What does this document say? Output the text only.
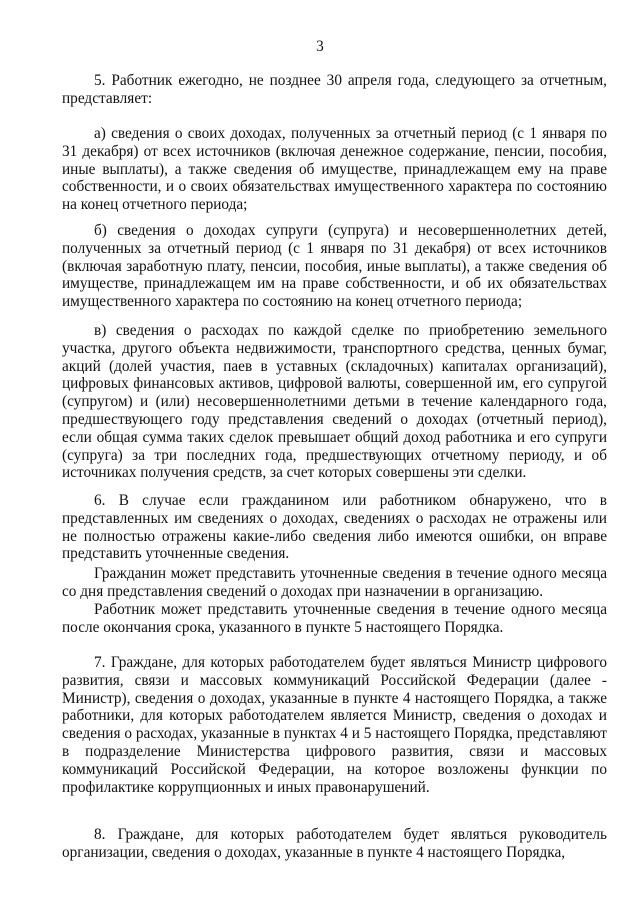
3

5. Работник ежегодно, не позднее 30 апреля года, следующего за отчетным, представляет:

а) сведения о своих доходах, полученных за отчетный период (с 1 января по 31 декабря) от всех источников (включая денежное содержание, пенсии, пособия, иные выплаты), а также сведения об имуществе, принадлежащем ему на праве собственности, и о своих обязательствах имущественного характера по состоянию на конец отчетного периода;

б) сведения о доходах супруги (супруга) и несовершеннолетних детей, полученных за отчетный период (с 1 января по 31 декабря) от всех источников (включая заработную плату, пенсии, пособия, иные выплаты), а также сведения об имуществе, принадлежащем им на праве собственности, и об их обязательствах имущественного характера по состоянию на конец отчетного периода;

в) сведения о расходах по каждой сделке по приобретению земельного участка, другого объекта недвижимости, транспортного средства, ценных бумаг, акций (долей участия, паев в уставных (складочных) капиталах организаций), цифровых финансовых активов, цифровой валюты, совершенной им, его супругой (супругом) и (или) несовершеннолетними детьми в течение календарного года, предшествующего году представления сведений о доходах (отчетный период), если общая сумма таких сделок превышает общий доход работника и его супруги (супруга) за три последних года, предшествующих отчетному периоду, и об источниках получения средств, за счет которых совершены эти сделки.

6. В случае если гражданином или работником обнаружено, что в представленных им сведениях о доходах, сведениях о расходах не отражены или не полностью отражены какие-либо сведения либо имеются ошибки, он вправе представить уточненные сведения.

Гражданин может представить уточненные сведения в течение одного месяца со дня представления сведений о доходах при назначении в организацию.

Работник может представить уточненные сведения в течение одного месяца после окончания срока, указанного в пункте 5 настоящего Порядка.

7. Граждане, для которых работодателем будет являться Министр цифрового развития, связи и массовых коммуникаций Российской Федерации (далее - Министр), сведения о доходах, указанные в пункте 4 настоящего Порядка, а также работники, для которых работодателем является Министр, сведения о доходах и сведения о расходах, указанные в пунктах 4 и 5 настоящего Порядка, представляют в подразделение Министерства цифрового развития, связи и массовых коммуникаций Российской Федерации, на которое возложены функции по профилактике коррупционных и иных правонарушений.

8. Граждане, для которых работодателем будет являться руководитель организации, сведения о доходах, указанные в пункте 4 настоящего Порядка,
